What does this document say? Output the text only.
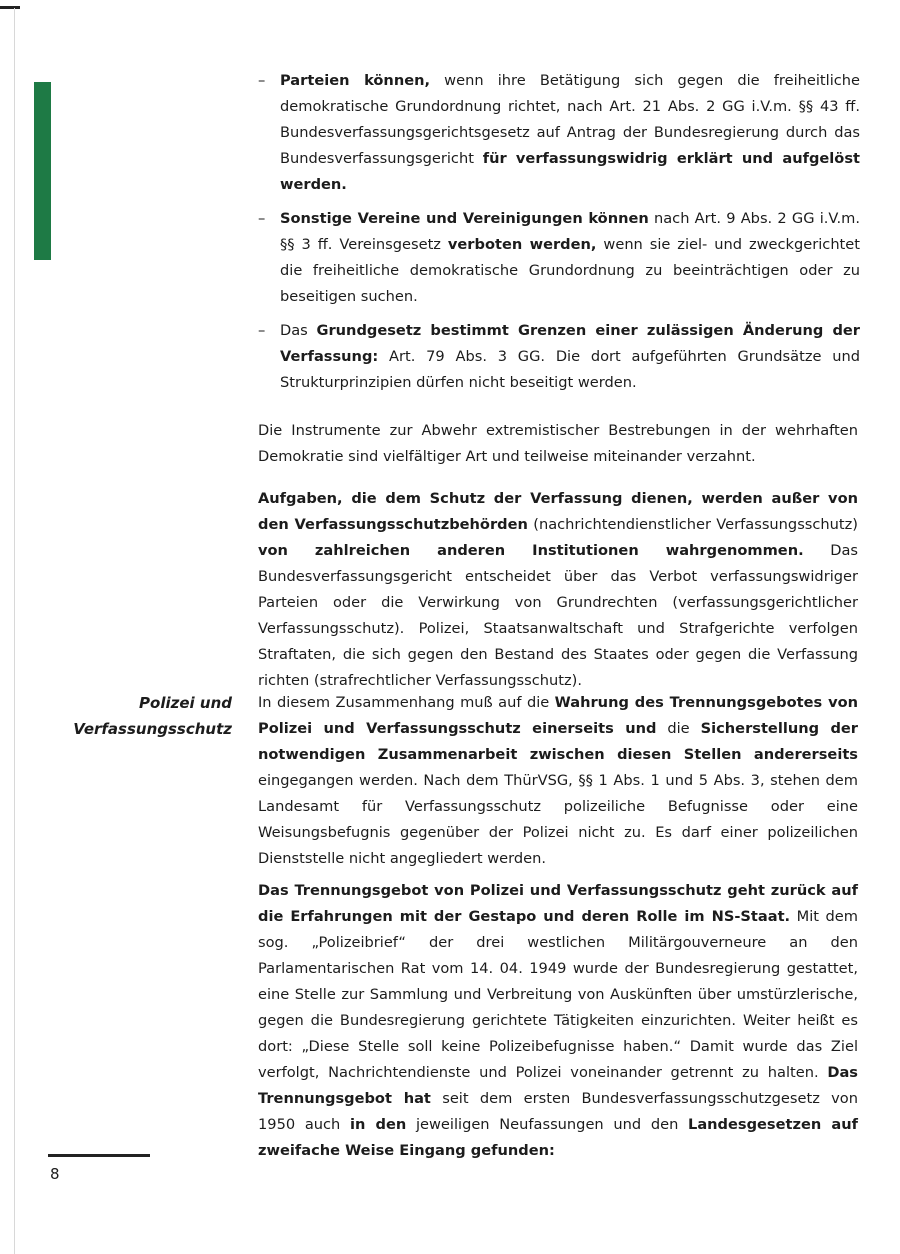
–	Parteien können, wenn ihre Betätigung sich gegen die freiheitliche demokratische Grundordnung richtet, nach Art. 21 Abs. 2 GG i.V.m. §§ 43 ff. Bundesverfassungsgerichtsgesetz auf Antrag der Bundesregierung durch das Bundesverfassungsgericht für verfassungswidrig erklärt und aufgelöst werden.
–	Sonstige Vereine und Vereinigungen können nach Art. 9 Abs. 2 GG i.V.m. §§ 3 ff. Vereinsgesetz verboten werden, wenn sie ziel- und zweckgerichtet die freiheitliche demokratische Grundordnung zu beeinträchtigen oder zu beseitigen suchen.
–	Das Grundgesetz bestimmt Grenzen einer zulässigen Änderung der Verfassung: Art. 79 Abs. 3 GG. Die dort aufgeführten Grundsätze und Strukturprinzipien dürfen nicht beseitigt werden.

Die Instrumente zur Abwehr extremistischer Bestrebungen in der wehrhaften Demokratie sind vielfältiger Art und teilweise miteinander verzahnt.

Aufgaben, die dem Schutz der Verfassung dienen, werden außer von den Verfassungsschutzbehörden (nachrichtendienstlicher Verfassungsschutz) von zahlreichen anderen Institutionen wahrgenommen. Das Bundesverfassungsgericht entscheidet über das Verbot verfassungswidriger Parteien oder die Verwirkung von Grundrechten (verfassungsgerichtlicher Verfassungsschutz). Polizei, Staatsanwaltschaft und Strafgerichte verfolgen Straftaten, die sich gegen den Bestand des Staates oder gegen die Verfassung richten (strafrechtlicher Verfassungsschutz).

Polizei und
Verfassungsschutz

In diesem Zusammenhang muß auf die Wahrung des Trennungsgebotes von Polizei und Verfassungsschutz einerseits und die Sicherstellung der notwendigen Zusammenarbeit zwischen diesen Stellen andererseits eingegangen werden. Nach dem ThürVSG, §§ 1 Abs. 1 und 5 Abs. 3, stehen dem Landesamt für Verfassungsschutz polizeiliche Befugnisse oder eine Weisungsbefugnis gegenüber der Polizei nicht zu. Es darf einer polizeilichen Dienststelle nicht angegliedert werden.

Das Trennungsgebot von Polizei und Verfassungsschutz geht zurück auf die Erfahrungen mit der Gestapo und deren Rolle im NS-Staat. Mit dem sog. „Polizeibrief“ der drei westlichen Militärgouverneure an den Parlamentarischen Rat vom 14. 04. 1949 wurde der Bundesregierung gestattet, eine Stelle zur Sammlung und Verbreitung von Auskünften über umstürzlerische, gegen die Bundesregierung gerichtete Tätigkeiten einzurichten. Weiter heißt es dort: „Diese Stelle soll keine Polizeibefugnisse haben.“ Damit wurde das Ziel verfolgt, Nachrichtendienste und Polizei voneinander getrennt zu halten. Das Trennungsgebot hat seit dem ersten Bundesverfassungsschutzgesetz von 1950 auch in den jeweiligen Neufassungen und den Landesgesetzen auf zweifache Weise Eingang gefunden:

8
